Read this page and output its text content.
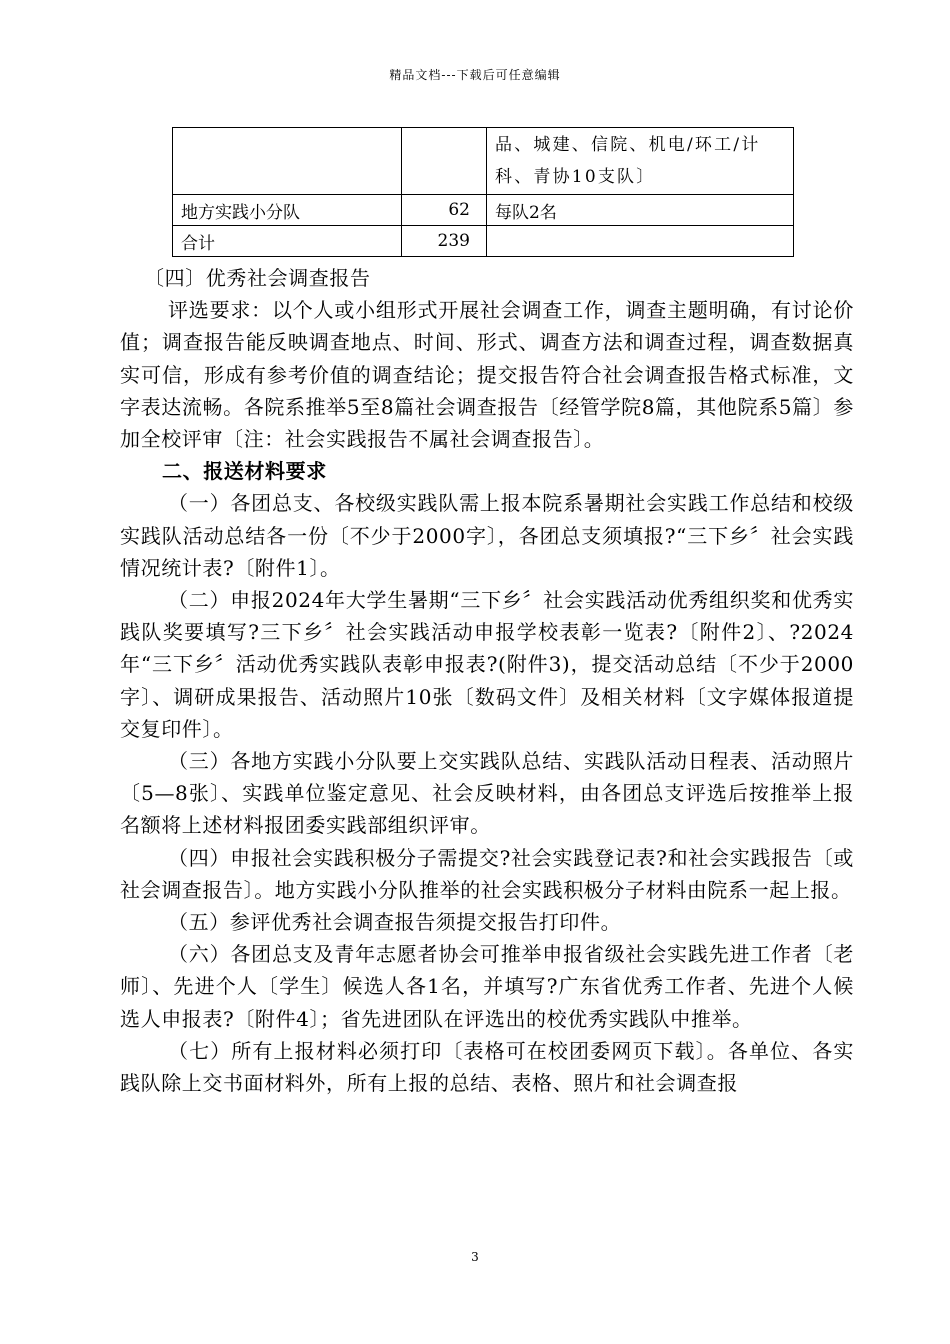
精品文档---下载后可任意编辑
		品、城建、信院、机电/环工/计科、青协10支队〕
地方实践小分队	62	每队2名
合计	239	

〔四〕优秀社会调查报告

评选要求：以个人或小组形式开展社会调查工作，调查主题明确，有讨论价值；调查报告能反映调查地点、时间、形式、调查方法和调查过程，调查数据真实可信，形成有参考价值的调查结论；提交报告符合社会调查报告格式标准，文字表达流畅。各院系推举5至8篇社会调查报告〔经管学院8篇，其他院系5篇〕参加全校评审〔注：社会实践报告不属社会调查报告〕。

二、报送材料要求

（一）各团总支、各校级实践队需上报本院系暑期社会实践工作总结和校级实践队活动总结各一份〔不少于2000字〕，各团总支须填报?“三下乡〞社会实践情况统计表?〔附件1〕。

（二）申报2024年大学生暑期“三下乡〞社会实践活动优秀组织奖和优秀实践队奖要填写?三下乡〞社会实践活动申报学校表彰一览表?〔附件2〕、?2024年“三下乡〞活动优秀实践队表彰申报表?(附件3)，提交活动总结〔不少于2000字〕、调研成果报告、活动照片10张〔数码文件〕及相关材料〔文字媒体报道提交复印件〕。

（三）各地方实践小分队要上交实践队总结、实践队活动日程表、活动照片〔5—8张〕、实践单位鉴定意见、社会反映材料，由各团总支评选后按推举上报名额将上述材料报团委实践部组织评审。

（四）申报社会实践积极分子需提交?社会实践登记表?和社会实践报告〔或社会调查报告〕。地方实践小分队推举的社会实践积极分子材料由院系一起上报。

（五）参评优秀社会调查报告须提交报告打印件。

（六）各团总支及青年志愿者协会可推举申报省级社会实践先进工作者〔老师〕、先进个人〔学生〕候选人各1名，并填写?广东省优秀工作者、先进个人候选人申报表?〔附件4〕；省先进团队在评选出的校优秀实践队中推举。

（七）所有上报材料必须打印〔表格可在校团委网页下载〕。各单位、各实践队除上交书面材料外，所有上报的总结、表格、照片和社会调查报

3
